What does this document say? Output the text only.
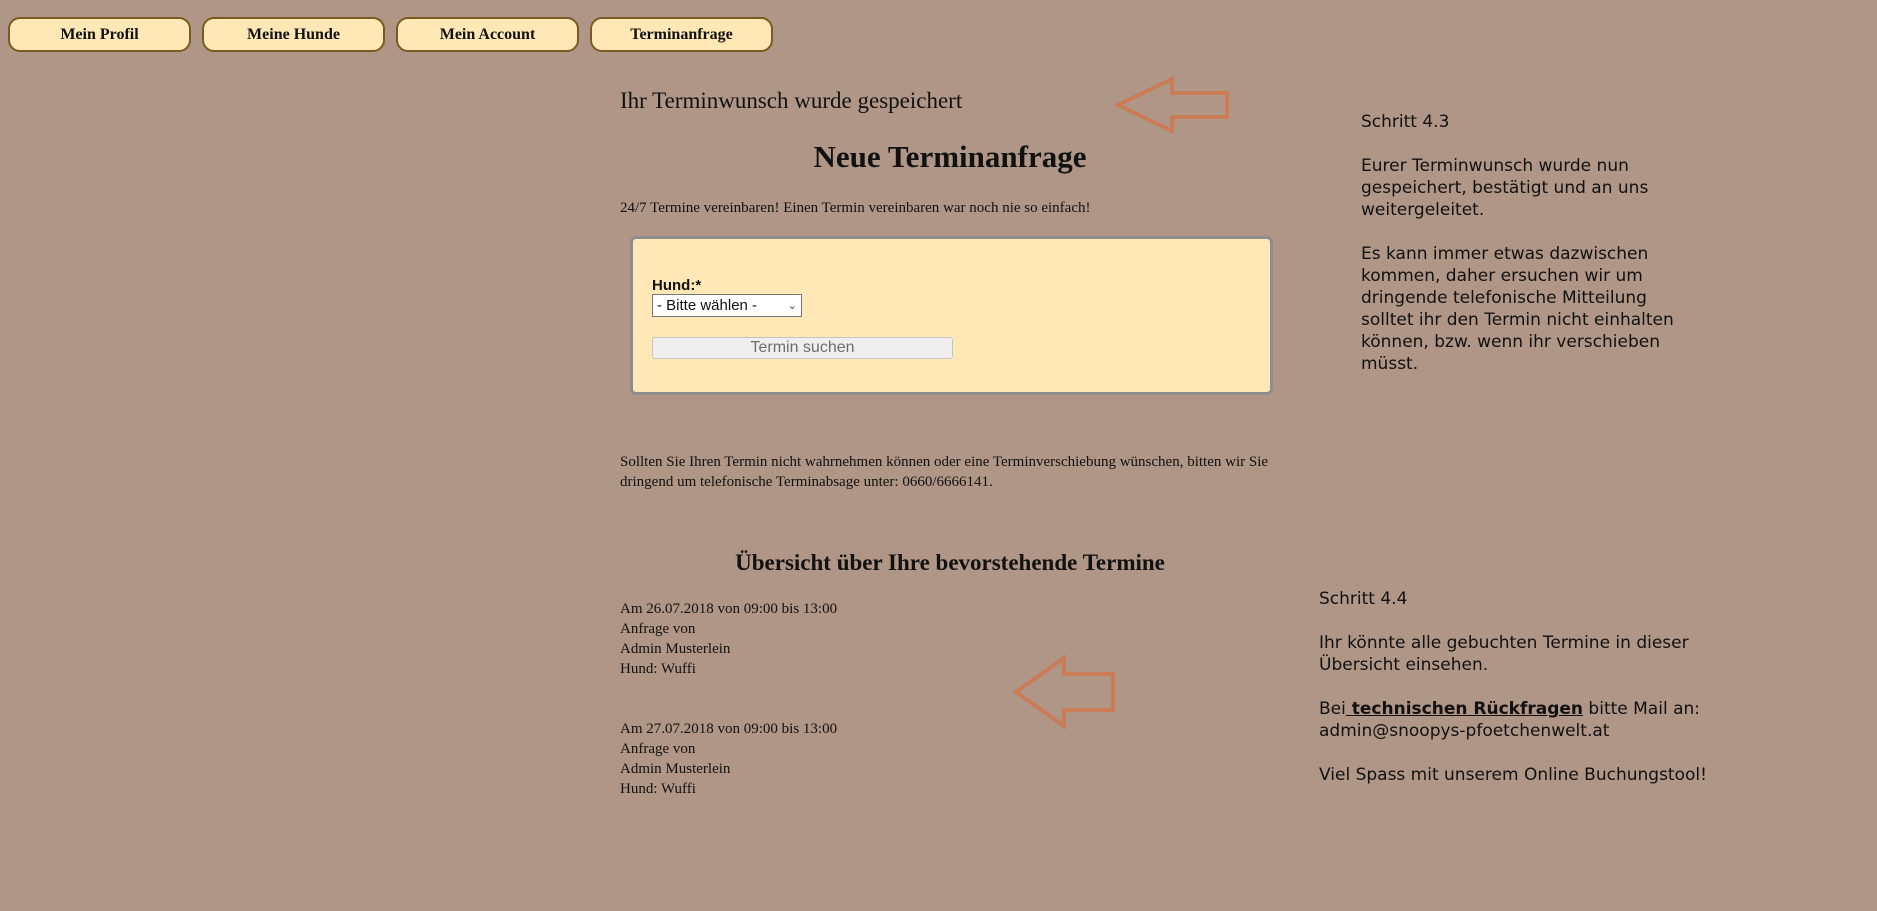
Mein Profil	Meine Hunde	Mein Account	Terminanfrage
Ihr Terminwunsch wurde gespeichert
Neue Terminanfrage
24/7 Termine vereinbaren! Einen Termin vereinbaren war noch nie so einfach!
Hund:*
- Bitte wählen -	⌄
Termin suchen
Sollten Sie Ihren Termin nicht wahrnehmen können oder eine Terminverschiebung wünschen, bitten wir Sie dringend um telefonische Terminabsage unter: 0660/6666141.
Übersicht über Ihre bevorstehende Termine
Am 26.07.2018 von 09:00 bis 13:00
Anfrage von
Admin Musterlein
Hund: Wuffi
Am 27.07.2018 von 09:00 bis 13:00
Anfrage von
Admin Musterlein
Hund: Wuffi

Schritt 4.3

Eurer Terminwunsch wurde nun gespeichert, bestätigt und an uns weitergeleitet.

Es kann immer etwas dazwischen kommen, daher ersuchen wir um dringende telefonische Mitteilung solltet ihr den Termin nicht einhalten können, bzw. wenn ihr verschieben müsst.

Schritt 4.4

Ihr könnte alle gebuchten Termine in dieser Übersicht einsehen.

Bei technischen Rückfragen bitte Mail an:

admin@snoopys-pfoetchenwelt.at

Viel Spass mit unserem Online Buchungstool!
